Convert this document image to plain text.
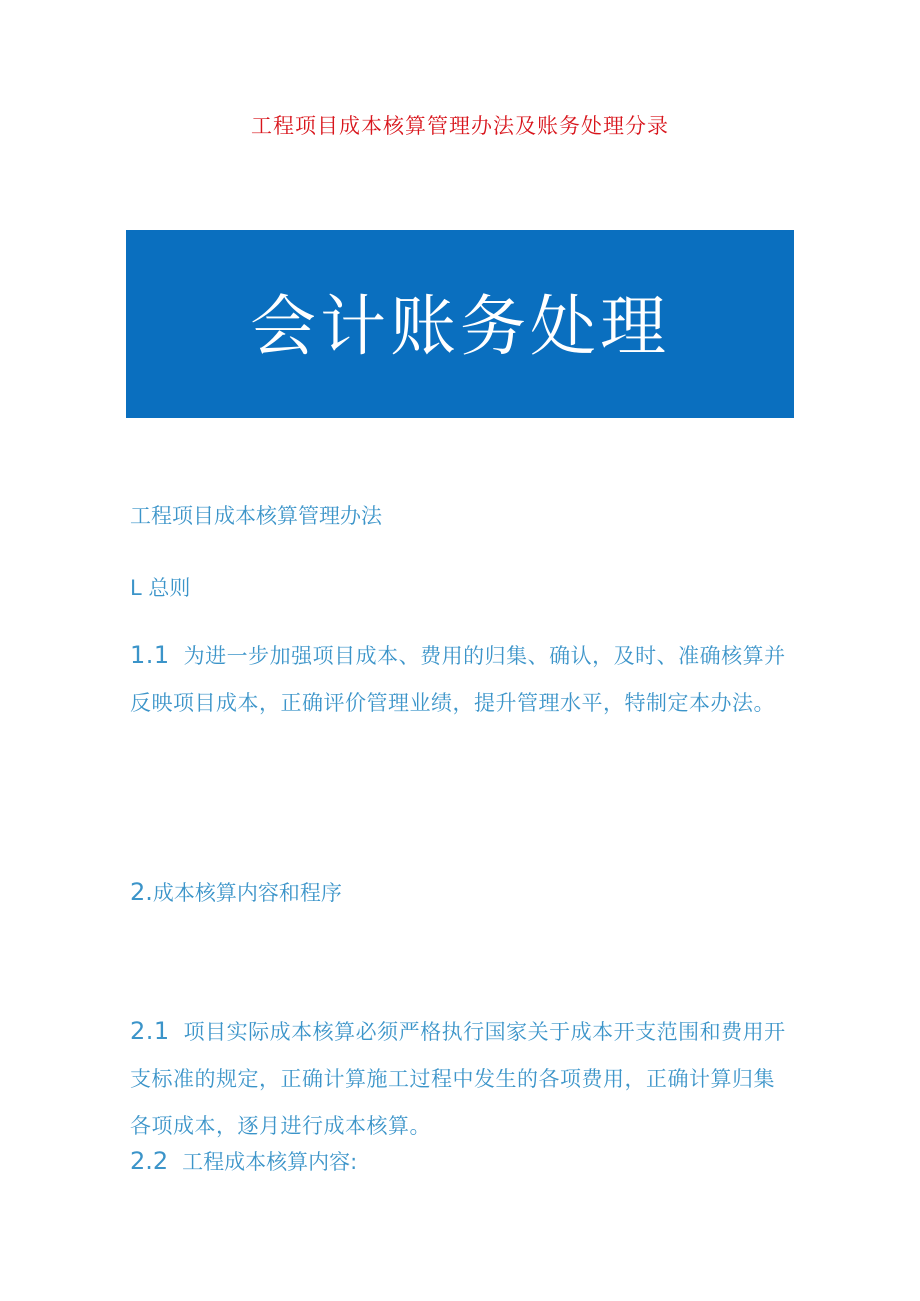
工程项目成本核算管理办法及账务处理分录
会计账务处理

工程项目成本核算管理办法

L 总则

1.1 为进一步加强项目成本、费用的归集、确认，及时、准确核算并反映项目成本，正确评价管理业绩，提升管理水平，特制定本办法。

2.成本核算内容和程序

2.1 项目实际成本核算必须严格执行国家关于成本开支范围和费用开支标准的规定，正确计算施工过程中发生的各项费用，正确计算归集各项成本，逐月进行成本核算。

2.2 工程成本核算内容:
